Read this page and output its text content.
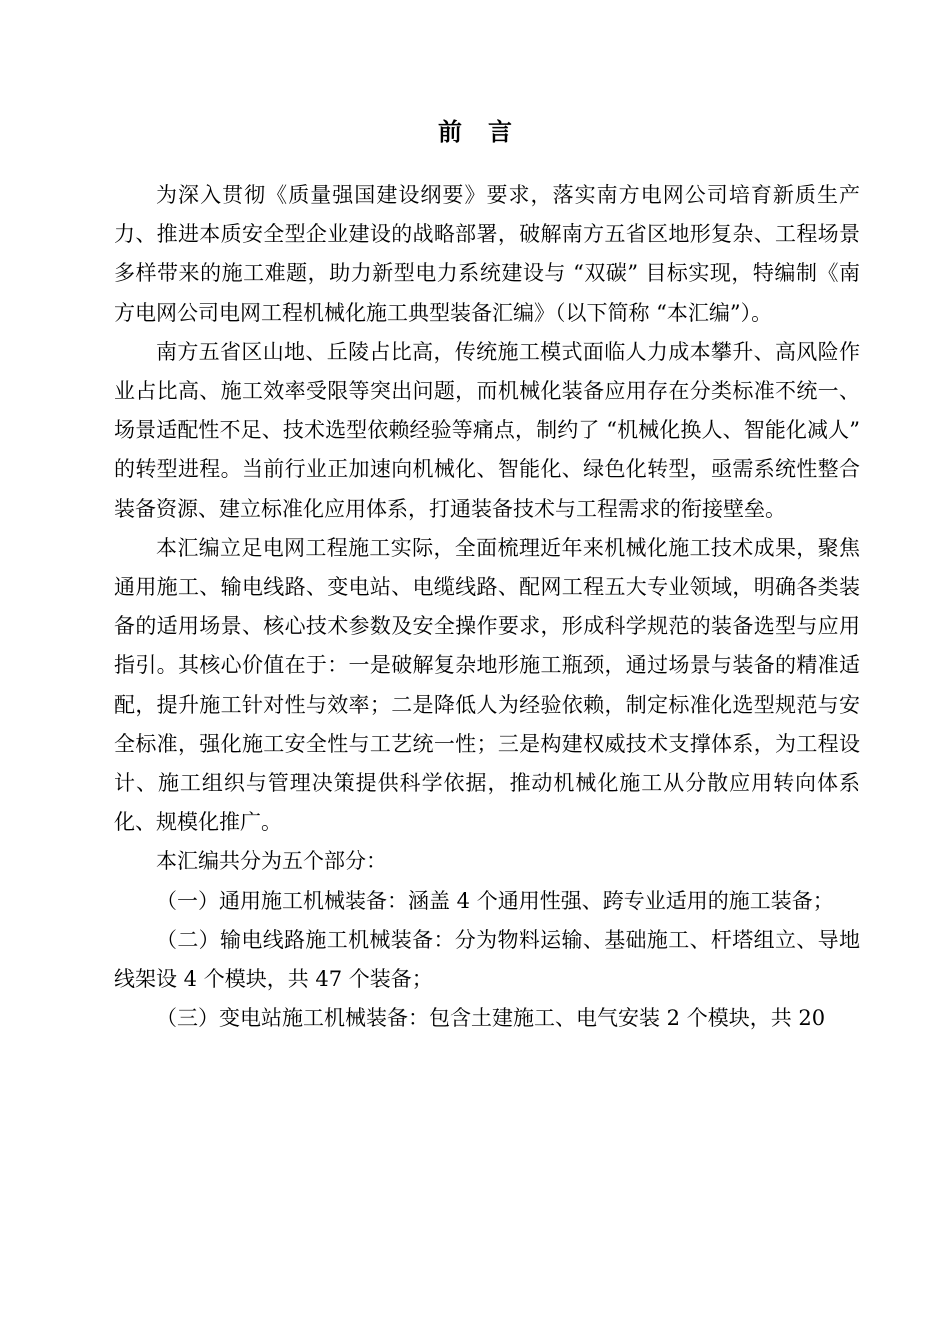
前 言

为深入贯彻《质量强国建设纲要》要求，落实南方电网公司培育新质生产力、推进本质安全型企业建设的战略部署，破解南方五省区地形复杂、工程场景多样带来的施工难题，助力新型电力系统建设与 “双碳” 目标实现，特编制《南方电网公司电网工程机械化施工典型装备汇编》（以下简称 “本汇编”）。

南方五省区山地、丘陵占比高，传统施工模式面临人力成本攀升、高风险作业占比高、施工效率受限等突出问题，而机械化装备应用存在分类标准不统一、场景适配性不足、技术选型依赖经验等痛点，制约了 “机械化换人、智能化减人” 的转型进程。当前行业正加速向机械化、智能化、绿色化转型，亟需系统性整合装备资源、建立标准化应用体系，打通装备技术与工程需求的衔接壁垒。

本汇编立足电网工程施工实际，全面梳理近年来机械化施工技术成果，聚焦通用施工、输电线路、变电站、电缆线路、配网工程五大专业领域，明确各类装备的适用场景、核心技术参数及安全操作要求，形成科学规范的装备选型与应用指引。其核心价值在于：一是破解复杂地形施工瓶颈，通过场景与装备的精准适配，提升施工针对性与效率；二是降低人为经验依赖，制定标准化选型规范与安全标准，强化施工安全性与工艺统一性；三是构建权威技术支撑体系，为工程设计、施工组织与管理决策提供科学依据，推动机械化施工从分散应用转向体系化、规模化推广。

本汇编共分为五个部分：

（一）通用施工机械装备：涵盖 4 个通用性强、跨专业适用的施工装备；

（二）输电线路施工机械装备：分为物料运输、基础施工、杆塔组立、导地线架设 4 个模块，共 47 个装备；

（三）变电站施工机械装备：包含土建施工、电气安装 2 个模块，共 20
